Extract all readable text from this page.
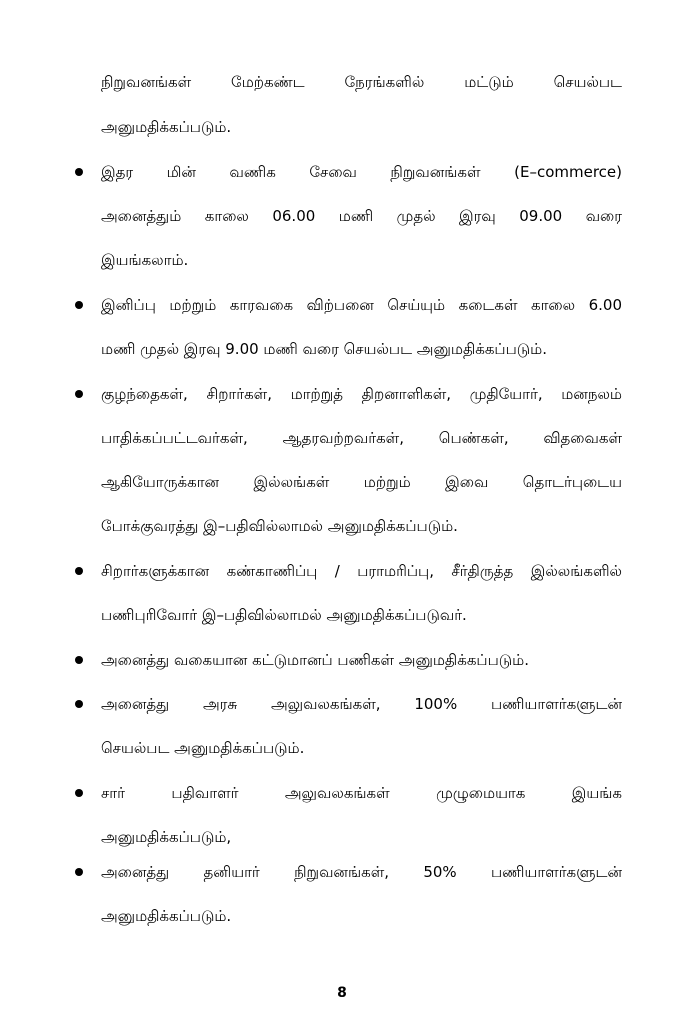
நிறுவனங்கள் மேற்கண்ட நேரங்களில் மட்டும் செயல்பட
அனுமதிக்கப்படும்.
இதர மின் வணிக சேவை நிறுவனங்கள் (E–commerce)
அனைத்தும் காலை 06.00 மணி முதல் இரவு 09.00 வரை
இயங்கலாம்.
இனிப்பு மற்றும் காரவகை விற்பனை செய்யும் கடைகள் காலை 6.00
மணி முதல் இரவு 9.00 மணி வரை செயல்பட அனுமதிக்கப்படும்.
குழந்தைகள், சிறார்கள், மாற்றுத் திறனாளிகள், முதியோர், மனநலம்
பாதிக்கப்பட்டவர்கள், ஆதரவற்றவர்கள், பெண்கள், விதவைகள்
ஆகியோருக்கான இல்லங்கள் மற்றும் இவை தொடர்புடைய
போக்குவரத்து இ–பதிவில்லாமல் அனுமதிக்கப்படும்.
சிறார்களுக்கான கண்காணிப்பு / பராமரிப்பு, சீர்திருத்த இல்லங்களில்
பணிபுரிவோர் இ–பதிவில்லாமல் அனுமதிக்கப்படுவர்.
அனைத்து வகையான கட்டுமானப் பணிகள் அனுமதிக்கப்படும்.
அனைத்து அரசு அலுவலகங்கள், 100% பணியாளர்களுடன்
செயல்பட அனுமதிக்கப்படும்.
சார் பதிவாளர் அலுவலகங்கள் முழுமையாக இயங்க
அனுமதிக்கப்படும்,
அனைத்து தனியார் நிறுவனங்கள், 50% பணியாளர்களுடன்
அனுமதிக்கப்படும்.
8
